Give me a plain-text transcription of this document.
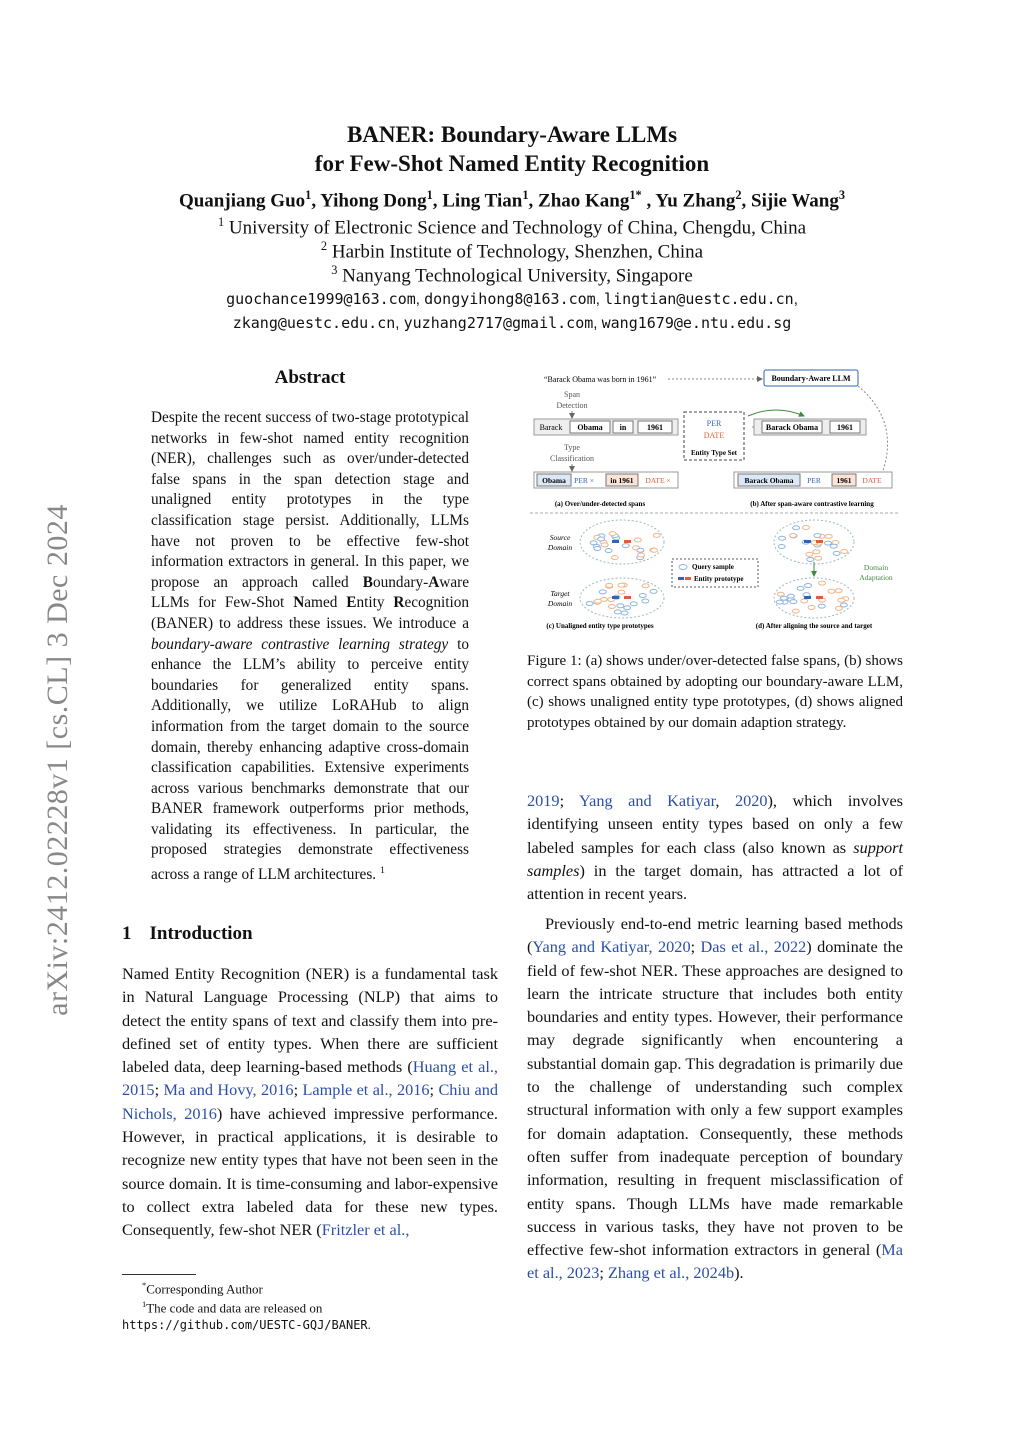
arXiv:2412.02228v1 [cs.CL] 3 Dec 2024
BANER: Boundary-Aware LLMs
for Few-Shot Named Entity Recognition
Quanjiang Guo$^1$, Yihong Dong$^1$, Ling Tian$^1$, Zhao Kang$^{1*}$ , Yu Zhang$^2$, Sijie Wang$^3$
$^1$ University of Electronic Science and Technology of China, Chengdu, China
$^2$ Harbin Institute of Technology, Shenzhen, China
$^3$ Nanyang Technological University, Singapore
guochance1999@163.com, dongyihong8@163.com, lingtian@uestc.edu.cn,
zkang@uestc.edu.cn, yuzhang2717@gmail.com, wang1679@e.ntu.edu.sg
Abstract
Despite the recent success of two-stage prototypical networks in few-shot named entity recognition (NER), challenges such as over/under-detected false spans in the span detection stage and unaligned entity prototypes in the type classification stage persist. Additionally, LLMs have not proven to be effective few-shot information extractors in general. In this paper, we propose an approach called Boundary-Aware LLMs for Few-Shot Named Entity Recognition (BANER) to address these issues. We introduce a boundary-aware contrastive learning strategy to enhance the LLM’s ability to perceive entity boundaries for generalized entity spans. Additionally, we utilize LoRAHub to align information from the target domain to the source domain, thereby enhancing adaptive cross-domain classification capabilities. Extensive experiments across various benchmarks demonstrate that our BANER framework outperforms prior methods, validating its effectiveness. In particular, the proposed strategies demonstrate effectiveness across a range of LLM architectures. $^1$
1 Introduction
Named Entity Recognition (NER) is a fundamental task in Natural Language Processing (NLP) that aims to detect the entity spans of text and classify them into pre-defined set of entity types. When there are sufficient labeled data, deep learning-based methods (Huang et al., 2015; Ma and Hovy, 2016; Lample et al., 2016; Chiu and Nichols, 2016) have achieved impressive performance. However, in practical applications, it is desirable to recognize new entity types that have not been seen in the source domain. It is time-consuming and labor-expensive to collect extra labeled data for these new types. Consequently, few-shot NER (Fritzler et al.,
*Corresponding Author
$^1$The code and data are released on https://github.com/UESTC-GQJ/BANER.
“Barack Obama was born in 1961”	Boundary-Aware LLM
Span
Detection
Barack Obama in	1961	PER
DATE
Entity Type Set
Barack Obama 1961
Type
Classification
Obama PER × in 1961 DATE ×	Barack Obama PER 1961 DATE
(a) Over/under-detected spans	(b) After span-aware contrastive learning
Source
Domain
Target
Domain
Query sample
Entity prototype
Domain
Adaptation
(c) Unaligned entity type prototypes	(d) After aligning the source and target
Figure 1: (a) shows under/over-detected false spans, (b) shows correct spans obtained by adopting our boundary-aware LLM, (c) shows unaligned entity type prototypes, (d) shows aligned prototypes obtained by our domain adaption strategy.
2019; Yang and Katiyar, 2020), which involves identifying unseen entity types based on only a few labeled samples for each class (also known as support samples) in the target domain, has attracted a lot of attention in recent years.
Previously end-to-end metric learning based methods (Yang and Katiyar, 2020; Das et al., 2022) dominate the field of few-shot NER. These approaches are designed to learn the intricate structure that includes both entity boundaries and entity types. However, their performance may degrade significantly when encountering a substantial domain gap. This degradation is primarily due to the challenge of understanding such complex structural information with only a few support examples for domain adaptation. Consequently, these methods often suffer from inadequate perception of boundary information, resulting in frequent misclassification of entity spans. Though LLMs have made remarkable success in various tasks, they have not proven to be effective few-shot information extractors in general (Ma et al., 2023; Zhang et al., 2024b).
